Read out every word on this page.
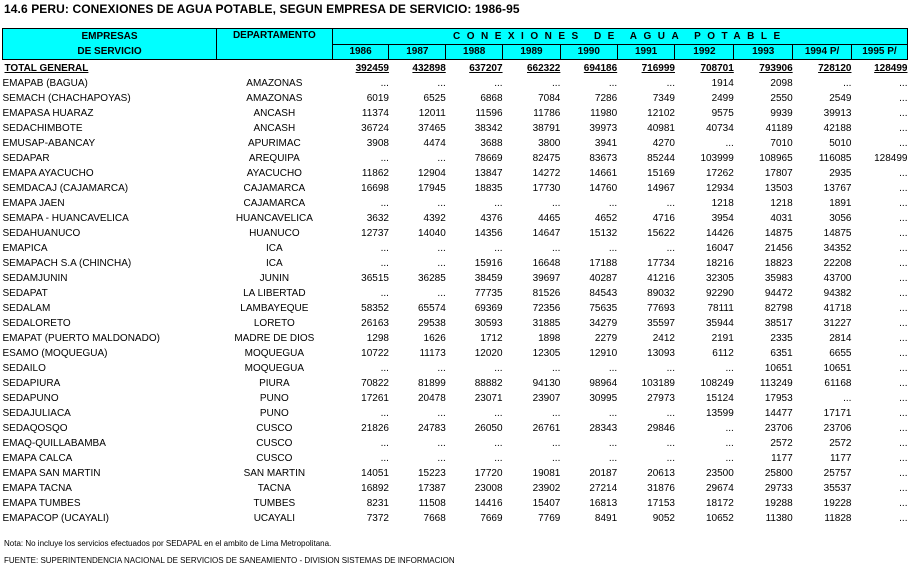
14.6 PERU: CONEXIONES DE AGUA POTABLE, SEGUN EMPRESA DE SERVICIO: 1986-95
EMPRESAS
DE SERVICIO	DEPARTAMENTO	CONEXIONES DE AGUA POTABLE									
		1986	1987	1988	1989	1990	1991	1992	1993	1994 P/	1995 P/
TOTAL GENERAL		392459	432898	637207	662322	694186	716999	708701	793906	728120	128499
EMAPAB (BAGUA)	AMAZONAS	...	...	...	...	...	...	1914	2098	...	...
SEMACH (CHACHAPOYAS)	AMAZONAS	6019	6525	6868	7084	7286	7349	2499	2550	2549	...
EMAPASA HUARAZ	ANCASH	11374	12011	11596	11786	11980	12102	9575	9939	39913	...
SEDACHIMBOTE	ANCASH	36724	37465	38342	38791	39973	40981	40734	41189	42188	...
EMUSAP-ABANCAY	APURIMAC	3908	4474	3688	3800	3941	4270	...	7010	5010	...
SEDAPAR	AREQUIPA	...	...	78669	82475	83673	85244	103999	108965	116085	128499
EMAPA AYACUCHO	AYACUCHO	11862	12904	13847	14272	14661	15169	17262	17807	2935	...
SEMDACAJ (CAJAMARCA)	CAJAMARCA	16698	17945	18835	17730	14760	14967	12934	13503	13767	...
EMAPA JAEN	CAJAMARCA	...	...	...	...	...	...	1218	1218	1891	...
SEMAPA - HUANCAVELICA	HUANCAVELICA	3632	4392	4376	4465	4652	4716	3954	4031	3056	...
SEDAHUANUCO	HUANUCO	12737	14040	14356	14647	15132	15622	14426	14875	14875	...
EMAPICA	ICA	...	...	...	...	...	...	16047	21456	34352	...
SEMAPACH S.A (CHINCHA)	ICA	...	...	15916	16648	17188	17734	18216	18823	22208	...
SEDAMJUNIN	JUNIN	36515	36285	38459	39697	40287	41216	32305	35983	43700	...
SEDAPAT	LA LIBERTAD	...	...	77735	81526	84543	89032	92290	94472	94382	...
SEDALAM	LAMBAYEQUE	58352	65574	69369	72356	75635	77693	78111	82798	41718	...
SEDALORETO	LORETO	26163	29538	30593	31885	34279	35597	35944	38517	31227	...
EMAPAT (PUERTO MALDONADO)	MADRE DE DIOS	1298	1626	1712	1898	2279	2412	2191	2335	2814	...
ESAMO (MOQUEGUA)	MOQUEGUA	10722	11173	12020	12305	12910	13093	6112	6351	6655	...
SEDAILO	MOQUEGUA	...	...	...	...	...	...	...	10651	10651	...
SEDAPIURA	PIURA	70822	81899	88882	94130	98964	103189	108249	113249	61168	...
SEDAPUNO	PUNO	17261	20478	23071	23907	30995	27973	15124	17953	...	...
SEDAJULIACA	PUNO	...	...	...	...	...	...	13599	14477	17171	...
SEDAQOSQO	CUSCO	21826	24783	26050	26761	28343	29846	...	23706	23706	...
EMAQ-QUILLABAMBA	CUSCO	...	...	...	...	...	...	...	2572	2572	...
EMAPA CALCA	CUSCO	...	...	...	...	...	...	...	1177	1177	...
EMAPA SAN MARTIN	SAN MARTIN	14051	15223	17720	19081	20187	20613	23500	25800	25757	...
EMAPA TACNA	TACNA	16892	17387	23008	23902	27214	31876	29674	29733	35537	...
EMAPA TUMBES	TUMBES	8231	11508	14416	15407	16813	17153	18172	19288	19228	...
EMAPACOP (UCAYALI)	UCAYALI	7372	7668	7669	7769	8491	9052	10652	11380	11828	...
Nota: No incluye los servicios efectuados por SEDAPAL en el ambito de Lima Metropolitana.
FUENTE: SUPERINTENDENCIA NACIONAL DE SERVICIOS DE SANEAMIENTO - DIVISION SISTEMAS DE INFORMACION
